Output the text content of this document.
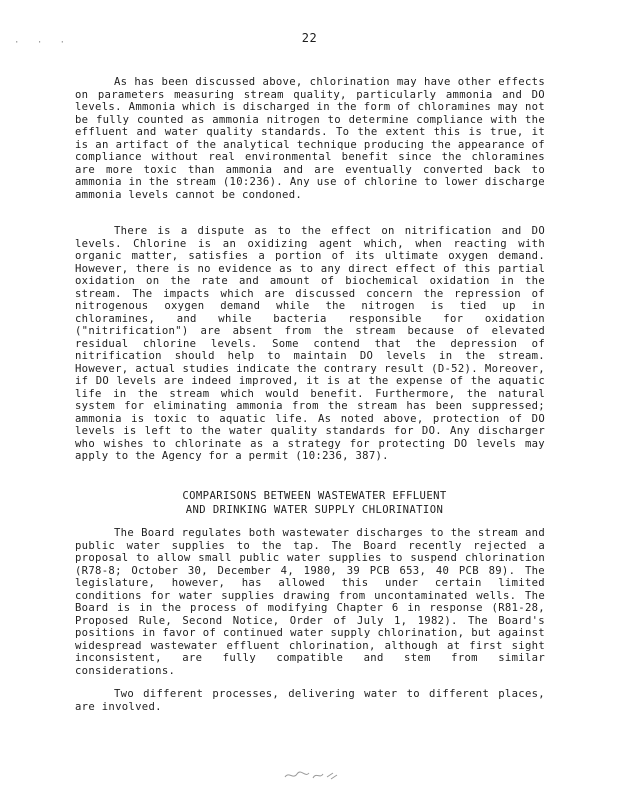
· · ·	22

As has been discussed above, chlorination may have other effects on parameters measuring stream quality, particularly ammonia and DO levels. Ammonia which is discharged in the form of chloramines may not be fully counted as ammonia nitrogen to determine compliance with the effluent and water quality standards. To the extent this is true, it is an artifact of the analytical technique producing the appearance of compliance without real environmental benefit since the chloramines are more toxic than ammonia and are eventually converted back to ammonia in the stream (10:236). Any use of chlorine to lower discharge ammonia levels cannot be condoned.

There is a dispute as to the effect on nitrification and DO levels. Chlorine is an oxidizing agent which, when reacting with organic matter, satisfies a portion of its ultimate oxygen demand. However, there is no evidence as to any direct effect of this partial oxidation on the rate and amount of biochemical oxidation in the stream. The impacts which are discussed concern the repression of nitrogenous oxygen demand while the nitrogen is tied up in chloramines, and while bacteria responsible for oxidation ("nitrification") are absent from the stream because of elevated residual chlorine levels. Some contend that the depression of nitrification should help to maintain DO levels in the stream. However, actual studies indicate the contrary result (D-52). Moreover, if DO levels are indeed improved, it is at the expense of the aquatic life in the stream which would benefit. Furthermore, the natural system for eliminating ammonia from the stream has been suppressed; ammonia is toxic to aquatic life. As noted above, protection of DO levels is left to the water quality standards for DO. Any discharger who wishes to chlorinate as a strategy for protecting DO levels may apply to the Agency for a permit (10:236, 387).

COMPARISONS BETWEEN WASTEWATER EFFLUENT
AND DRINKING WATER SUPPLY CHLORINATION

The Board regulates both wastewater discharges to the stream and public water supplies to the tap. The Board recently rejected a proposal to allow small public water supplies to suspend chlorination (R78-8; October 30, December 4, 1980, 39 PCB 653, 40 PCB 89). The legislature, however, has allowed this under certain limited conditions for water supplies drawing from uncontaminated wells. The Board is in the process of modifying Chapter 6 in response (R81-28, Proposed Rule, Second Notice, Order of July 1, 1982). The Board's positions in favor of continued water supply chlorination, but against widespread wastewater effluent chlorination, although at first sight inconsistent, are fully compatible and stem from similar considerations.

Two different processes, delivering water to different places, are involved.
